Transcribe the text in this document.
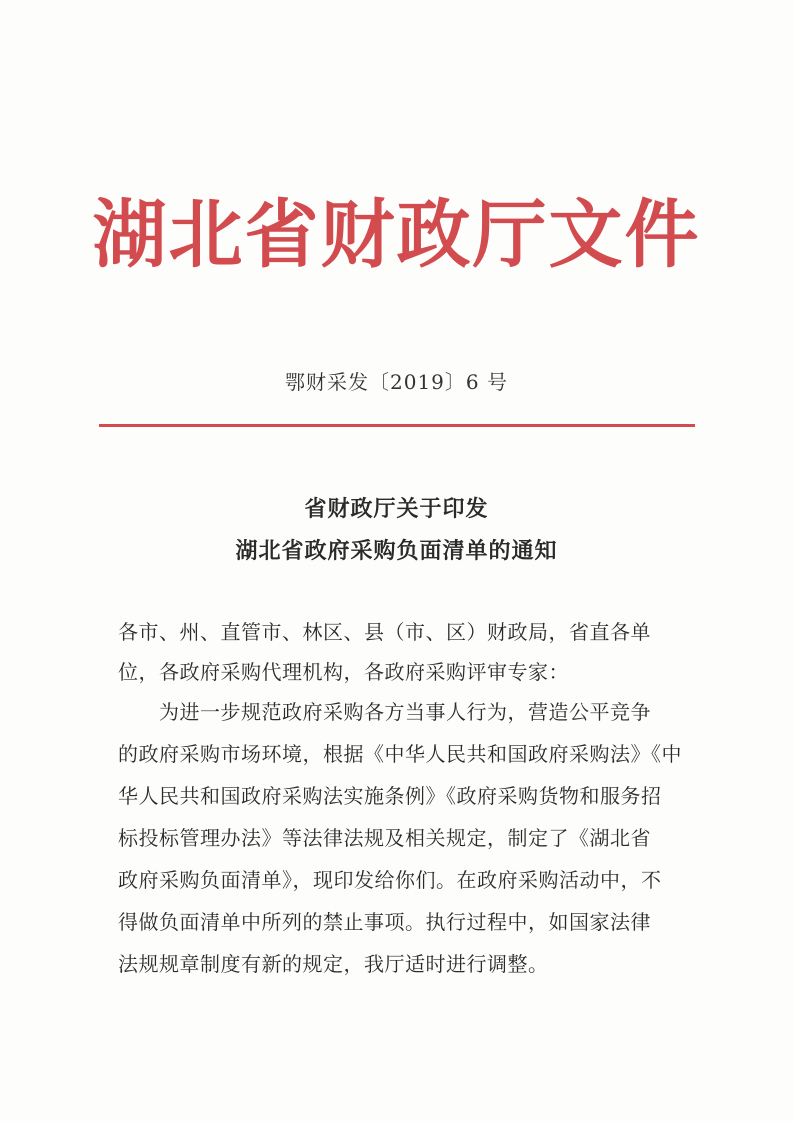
湖北省财政厅文件
鄂财采发〔2019〕6 号
省财政厅关于印发
湖北省政府采购负面清单的通知
各市、州、直管市、林区、县（市、区）财政局，省直各单
位，各政府采购代理机构，各政府采购评审专家：
　　为进一步规范政府采购各方当事人行为，营造公平竞争
的政府采购市场环境，根据《中华人民共和国政府采购法》《中
华人民共和国政府采购法实施条例》《政府采购货物和服务招
标投标管理办法》等法律法规及相关规定，制定了《湖北省
政府采购负面清单》，现印发给你们。在政府采购活动中，不
得做负面清单中所列的禁止事项。执行过程中，如国家法律
法规规章制度有新的规定，我厅适时进行调整。
